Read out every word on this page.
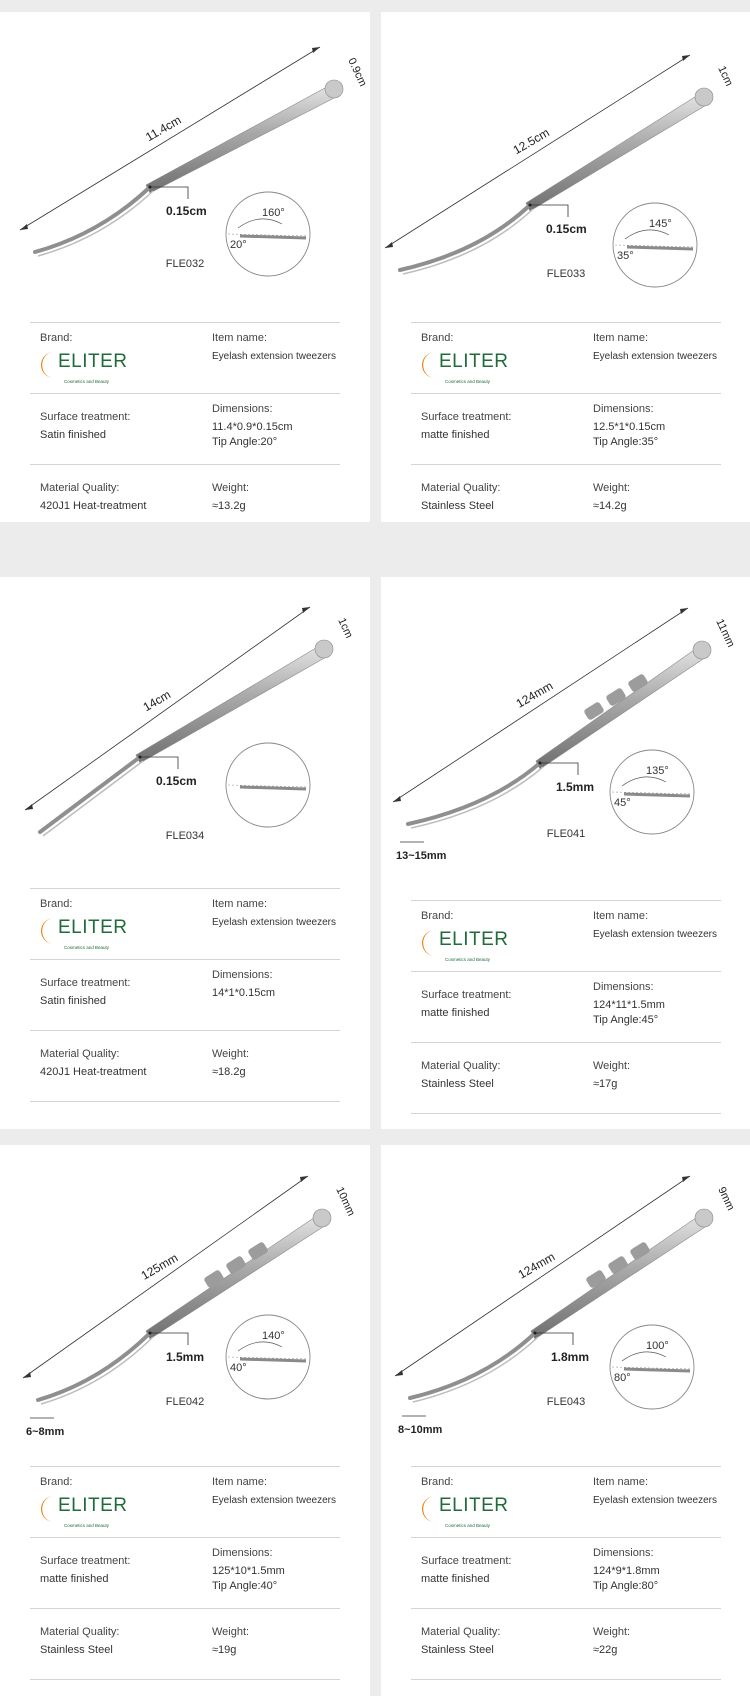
11.4cm
0.9cm
0.15cm	160°
20°
FLE032
Brand:
ELITER
Cosmetics and Beauty
Item name:
Eyelash extension tweezers
Surface treatment:
Satin finished
Dimensions:
11.4*0.9*0.15cm
Tip Angle:20°
Material Quality:
420J1 Heat-treatment
Weight:
≈13.2g
12.5cm
1cm
0.15cm	145°
35°
FLE033
Brand:
ELITER
Cosmetics and Beauty
Item name:
Eyelash extension tweezers
Surface treatment:
matte finished
Dimensions:
12.5*1*0.15cm
Tip Angle:35°
Material Quality:
Stainless Steel
Weight:
≈14.2g
14cm
1cm
0.15cm
FLE034
Brand:
ELITER
Cosmetics and Beauty
Item name:
Eyelash extension tweezers
Surface treatment:
Satin finished
Dimensions:
14*1*0.15cm
Material Quality:
420J1 Heat-treatment
Weight:
≈18.2g
124mm
11mm
1.5mm
13~15mm
135°
45°
FLE041
Brand:
ELITER
Cosmetics and Beauty
Item name:
Eyelash extension tweezers
Surface treatment:
matte finished
Dimensions:
124*11*1.5mm
Tip Angle:45°
Material Quality:
Stainless Steel
Weight:
≈17g
125mm
10mm
1.5mm
6~8mm
140°
40°
FLE042
Brand:
ELITER
Cosmetics and Beauty
Item name:
Eyelash extension tweezers
Surface treatment:
matte finished
Dimensions:
125*10*1.5mm
Tip Angle:40°
Material Quality:
Stainless Steel
Weight:
≈19g
124mm
9mm
1.8mm
8~10mm
100°
80°
FLE043
Brand:
ELITER
Cosmetics and Beauty
Item name:
Eyelash extension tweezers
Surface treatment:
matte finished
Dimensions:
124*9*1.8mm
Tip Angle:80°
Material Quality:
Stainless Steel
Weight:
≈22g
